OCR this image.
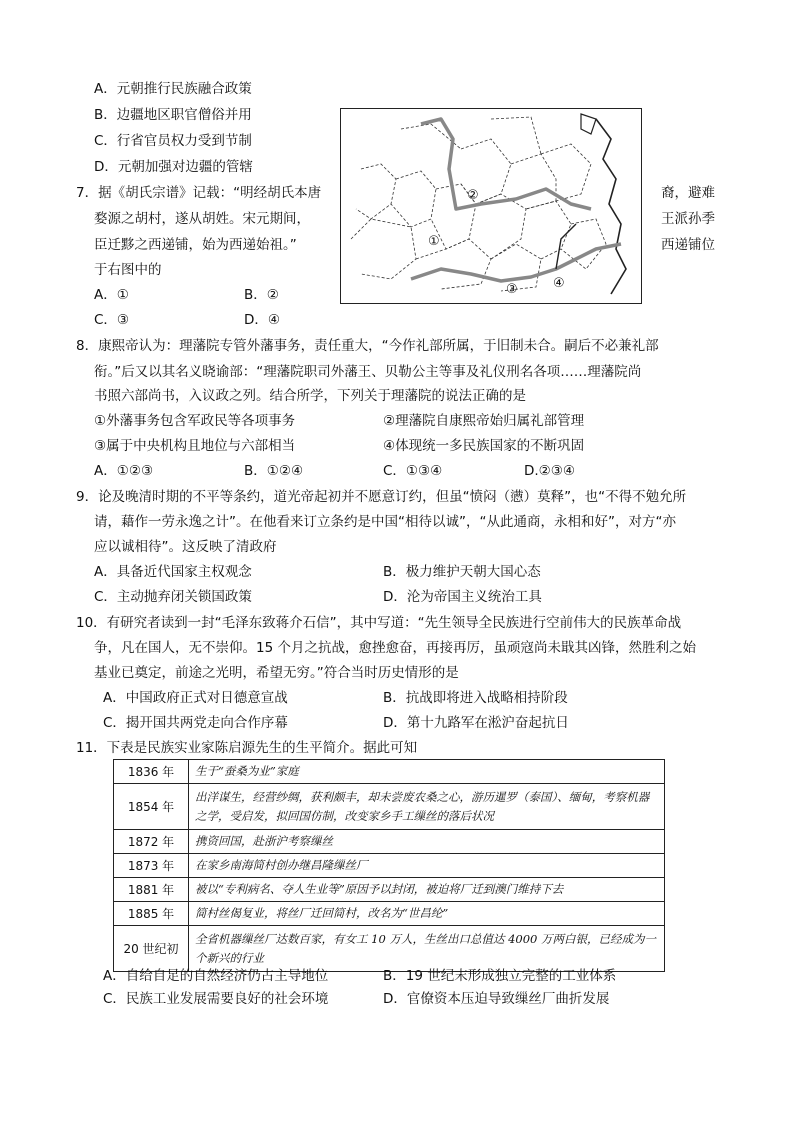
A．元朝推行民族融合政策
B．边疆地区职官僧俗并用
C．行省官员权力受到节制
D．元朝加强对边疆的管辖
7．据《胡氏宗谱》记载：“明经胡氏本唐	裔，避难
婺源之胡村，遂从胡姓。宋元期间，	王派孙季
臣迁黟之西递铺，始为西递始祖。”	西递铺位
于右图中的
A．①	B．②
C．③	D．④
①
②
③	④
8．康熙帝认为：理藩院专管外藩事务，责任重大，“今作礼部所属，于旧制未合。嗣后不必兼礼部
衔。”后又以其名义晓谕部：“理藩院职司外藩王、贝勒公主等事及礼仪刑名各项……理藩院尚
书照六部尚书，入议政之列。结合所学，下列关于理藩院的说法正确的是
①外藩事务包含军政民等各项事务	②理藩院自康熙帝始归属礼部管理
③属于中央机构且地位与六部相当	④体现统一多民族国家的不断巩固
A．①②③	B．①②④	C．①③④	D.②③④
9．论及晚清时期的不平等条约，道光帝起初并不愿意订约，但虽“愤闷（懑）莫释”，也“不得不勉允所
请，藉作一劳永逸之计”。在他看来订立条约是中国“相待以诚”，“从此通商，永相和好”，对方“亦
应以诚相待”。这反映了清政府
A．具备近代国家主权观念	B．极力维护天朝大国心态
C．主动抛弃闭关锁国政策	D．沦为帝国主义统治工具
10．有研究者读到一封“毛泽东致蒋介石信”，其中写道：“先生领导全民族进行空前伟大的民族革命战
争，凡在国人，无不崇仰。15 个月之抗战，愈挫愈奋，再接再厉，虽顽寇尚未戢其凶锋，然胜利之始
基业已奠定，前途之光明，希望无穷。”符合当时历史情形的是
A．中国政府正式对日德意宣战	B．抗战即将进入战略相持阶段
C．揭开国共两党走向合作序幕	D．第十九路军在淞沪奋起抗日
11．下表是民族实业家陈启源先生的生平简介。据此可知
1836 年	生于“蚕桑为业”家庭
1854 年	出洋谋生，经营纱绸，获利颇丰，却未尝废农桑之心，游历暹罗（泰国）、缅甸，考察机器之学，受启发，拟回国仿制，改变家乡手工缫丝的落后状况
1872 年	携资回国，赴浙沪考察缫丝
1873 年	在家乡南海简村创办继昌隆缫丝厂
1881 年	被以“专利病名、夺人生业等”原因予以封闭，被迫将厂迁到澳门维持下去
1885 年	简村丝偈复业，将丝厂迁回简村，改名为“世昌纶”
20 世纪初	全省机器缫丝厂达数百家，有女工 10 万人，生丝出口总值达 4000 万两白银，已经成为一个新兴的行业
A．自给自足的自然经济仍占主导地位	B．19 世纪末形成独立完整的工业体系
C．民族工业发展需要良好的社会环境	D．官僚资本压迫导致缫丝厂曲折发展
